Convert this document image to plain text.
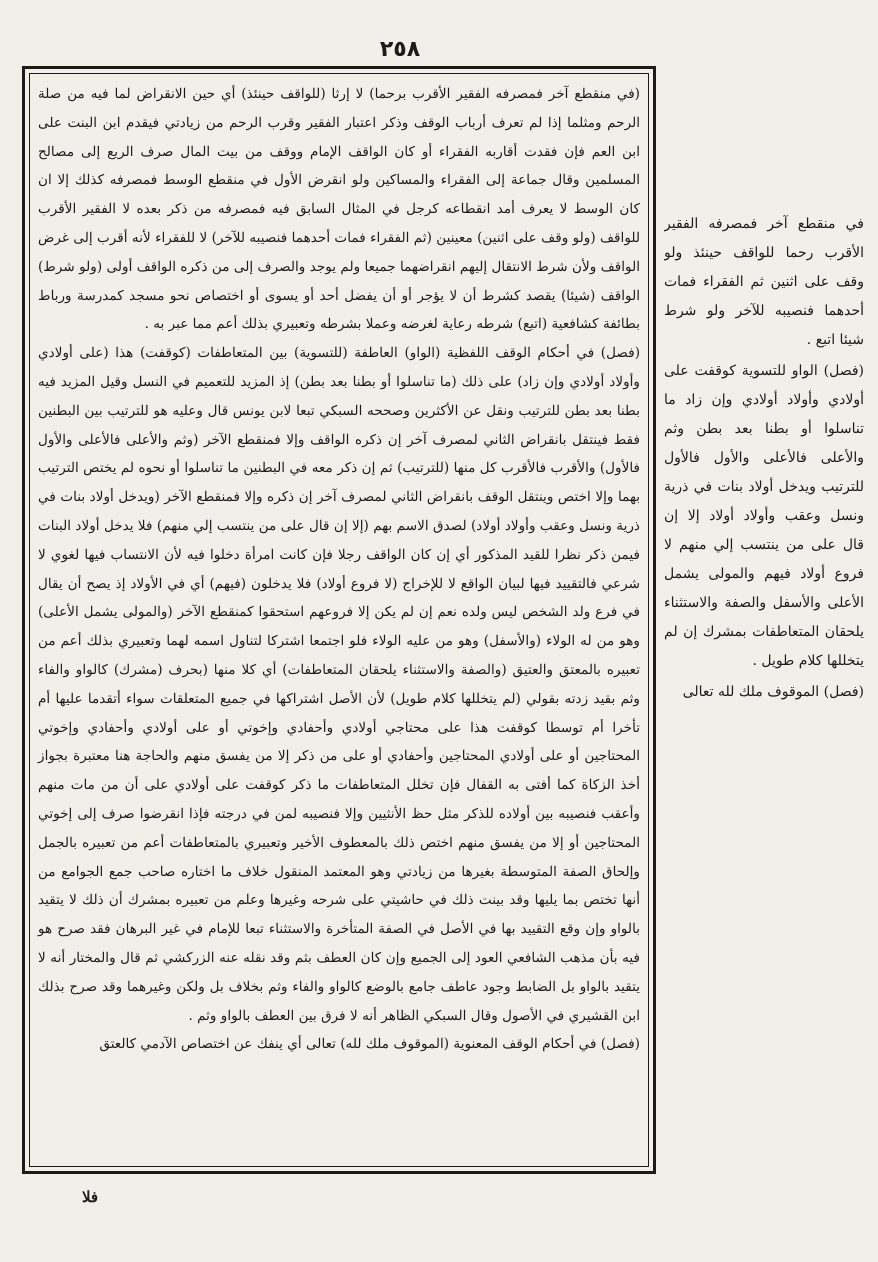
٢٥٨

(في منقطع آخر فمصرفه الفقير الأقرب برحما) لا إرثا (للواقف حينئذ) أي حين الانقراض لما فيه من صلة الرحم ومثلما إذا لم تعرف أرباب الوقف وذكر اعتبار الفقير وقرب الرحم من زيادتي فيقدم ابن البنت على ابن العم فإن فقدت أقاربه الفقراء أو كان الواقف الإمام ووقف من بيت المال صرف الريع إلى مصالح المسلمين وقال جماعة إلى الفقراء والمساكين ولو انقرض الأول في منقطع الوسط فمصرفه كذلك إلا ان كان الوسط لا يعرف أمد انقطاعه كرجل في المثال السابق فيه فمصرفه من ذكر بعده لا الفقير الأقرب للواقف (ولو وقف على اثنين) معينين (ثم الفقراء فمات أحدهما فنصيبه للآخر) لا للفقراء لأنه أقرب إلى غرض الواقف ولأن شرط الانتقال إليهم انقراضهما جميعا ولم يوجد والصرف إلى من ذكره الواقف أولى (ولو شرط) الواقف (شيئا) يقصد كشرط أن لا يؤجر أو أن يفضل أحد أو يسوى أو اختصاص نحو مسجد كمدرسة ورباط بطائفة كشافعية (اتبع) شرطه رعاية لغرضه وعملا بشرطه وتعبيري بذلك أعم مما عبر به .

(فصل) في أحكام الوقف اللفظية (الواو) العاطفة (للتسوية) بين المتعاطفات (كوقفت) هذا (على أولادي وأولاد أولادي وإن زاد) على ذلك (ما تناسلوا أو بطنا بعد بطن) إذ المزيد للتعميم في النسل وقيل المزيد فيه بطنا بعد بطن للترتيب ونقل عن الأكثرين وصححه السبكي تبعا لابن يونس قال وعليه هو للترتيب بين البطنين فقط فينتقل بانقراض الثاني لمصرف آخر إن ذكره الواقف وإلا فمنقطع الآخر (وثم والأعلى فالأعلى والأول فالأول) والأقرب فالأقرب كل منها (للترتيب) ثم إن ذكر معه في البطنين ما تناسلوا أو نحوه لم يختص الترتيب بهما وإلا اختص وينتقل الوقف بانقراض الثاني لمصرف آخر إن ذكره وإلا فمنقطع الآخر (ويدخل أولاد بنات في ذرية ونسل وعقب وأولاد أولاد) لصدق الاسم بهم (إلا إن قال على من ينتسب إلي منهم) فلا يدخل أولاد البنات فيمن ذكر نظرا للقيد المذكور أي إن كان الواقف رجلا فإن كانت امرأة دخلوا فيه لأن الانتساب فيها لغوي لا شرعي فالتقييد فيها لبيان الواقع لا للإخراج (لا فروع أولاد) فلا يدخلون (فيهم) أي في الأولاد إذ يصح أن يقال في فرع ولد الشخص ليس ولده نعم إن لم يكن إلا فروعهم استحقوا كمنقطع الآخر (والمولى يشمل الأعلى) وهو من له الولاء (والأسفل) وهو من عليه الولاء فلو اجتمعا اشتركا لتناول اسمه لهما وتعبيري بذلك أعم من تعبيره بالمعتق والعتيق (والصفة والاستثناء يلحقان المتعاطفات) أي كلا منها (بحرف (مشرك) كالواو والفاء وثم بقيد زدته بقولي (لم يتخللها كلام طويل) لأن الأصل اشتراكها في جميع المتعلقات سواء أتقدما عليها أم تأخرا أم توسطا كوقفت هذا على محتاجي أولادي وأحفادي وإخوتي أو على أولادي وأحفادي وإخوتي المحتاجين أو على أولادي المحتاجين وأحفادي أو على من ذكر إلا من يفسق منهم والحاجة هنا معتبرة بجواز أخذ الزكاة كما أفتى به القفال فإن تخلل المتعاطفات ما ذكر كوقفت على أولادي على أن من مات منهم وأعقب فنصيبه بين أولاده للذكر مثل حظ الأنثيين وإلا فنصيبه لمن في درجته فإذا انقرضوا صرف إلى إخوتي المحتاجين أو إلا من يفسق منهم اختص ذلك بالمعطوف الأخير وتعبيري بالمتعاطفات أعم من تعبيره بالجمل وإلحاق الصفة المتوسطة بغيرها من زيادتي وهو المعتمد المنقول خلاف ما اختاره صاحب جمع الجوامع من أنها تختص بما يليها وقد بينت ذلك في حاشيتي على شرحه وغيرها وعلم من تعبيره بمشرك أن ذلك لا يتقيد بالواو وإن وقع التقييد بها في الأصل في الصفة المتأخرة والاستثناء تبعا للإمام في غير البرهان فقد صرح هو فيه بأن مذهب الشافعي العود إلى الجميع وإن كان العطف بثم وقد نقله عنه الزركشي ثم قال والمختار أنه لا يتقيد بالواو بل الضابط وجود عاطف جامع بالوضع كالواو والفاء وثم بخلاف بل ولكن وغيرهما وقد صرح بذلك ابن القشيري في الأصول وقال السبكي الظاهر أنه لا فرق بين العطف بالواو وثم .

(فصل) في أحكام الوقف المعنوية (الموقوف ملك لله) تعالى أي ينفك عن اختصاص الآدمي كالعتق

في منقطع آخر فمصرفه الفقير الأقرب رحما للواقف حينئذ ولو وقف على اثنين ثم الفقراء فمات أحدهما فنصيبه للآخر ولو شرط شيئا اتبع .

(فصل) الواو للتسوية كوقفت على أولادي وأولاد أولادي وإن زاد ما تناسلوا أو بطنا بعد بطن وثم والأعلى فالأعلى والأول فالأول للترتيب ويدخل أولاد بنات في ذرية ونسل وعقب وأولاد أولاد إلا إن قال على من ينتسب إلي منهم لا فروع أولاد فيهم والمولى يشمل الأعلى والأسفل والصفة والاستثناء يلحقان المتعاطفات بمشرك إن لم يتخللها كلام طويل .

(فصل) الموقوف ملك لله تعالى

فلا
